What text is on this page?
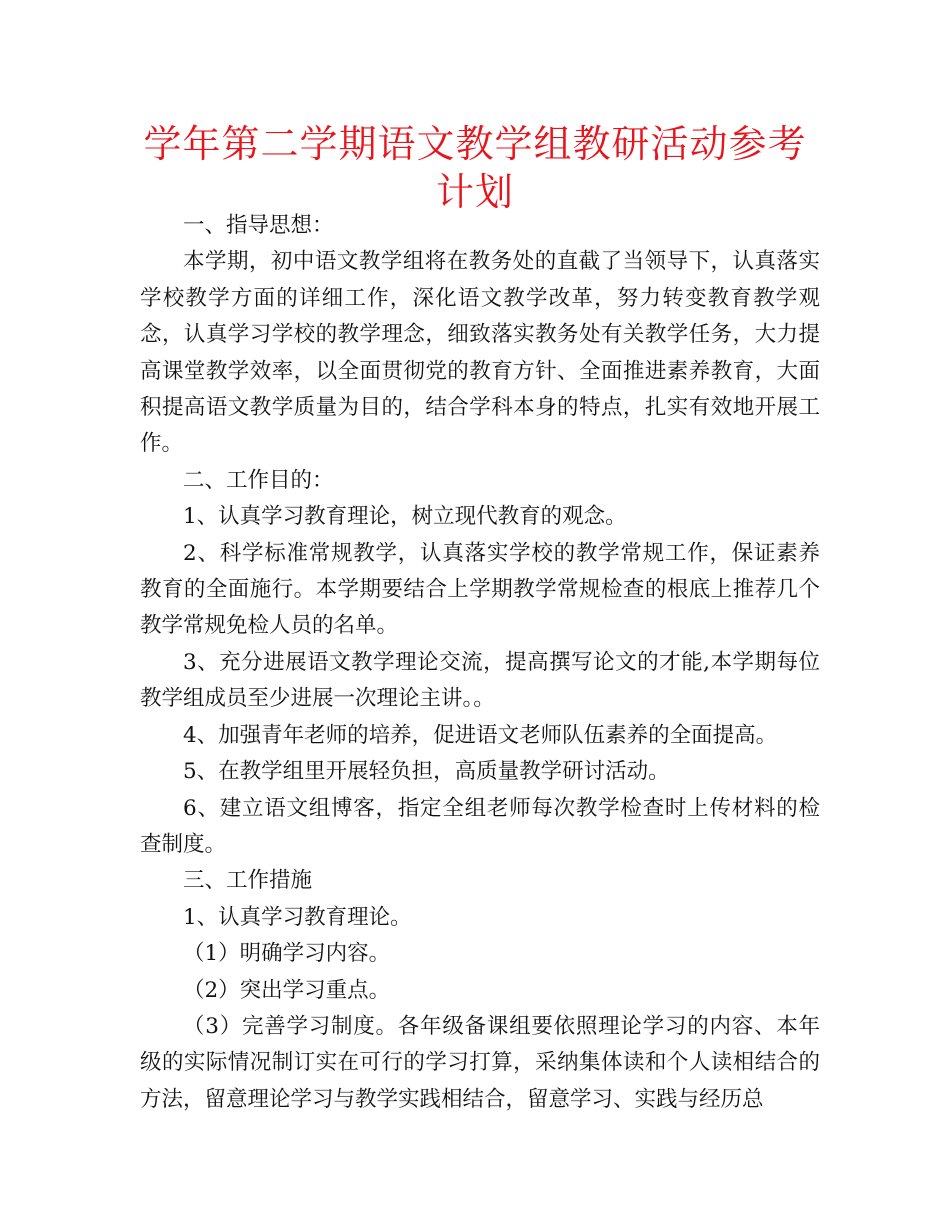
学年第二学期语文教学组教研活动参考计划

一、指导思想：

本学期，初中语文教学组将在教务处的直截了当领导下，认真落实学校教学方面的详细工作，深化语文教学改革，努力转变教育教学观念，认真学习学校的教学理念，细致落实教务处有关教学任务，大力提高课堂教学效率，以全面贯彻党的教育方针、全面推进素养教育，大面积提高语文教学质量为目的，结合学科本身的特点，扎实有效地开展工作。

二、工作目的：

1、认真学习教育理论，树立现代教育的观念。

2、科学标准常规教学，认真落实学校的教学常规工作，保证素养教育的全面施行。本学期要结合上学期教学常规检查的根底上推荐几个教学常规免检人员的名单。

3、充分进展语文教学理论交流，提高撰写论文的才能,本学期每位教学组成员至少进展一次理论主讲。。

4、加强青年老师的培养，促进语文老师队伍素养的全面提高。

5、在教学组里开展轻负担，高质量教学研讨活动。

6、建立语文组博客，指定全组老师每次教学检查时上传材料的检查制度。

三、工作措施

1、认真学习教育理论。

（1）明确学习内容。

（2）突出学习重点。

（3）完善学习制度。各年级备课组要依照理论学习的内容、本年级的实际情况制订实在可行的学习打算，采纳集体读和个人读相结合的方法，留意理论学习与教学实践相结合，留意学习、实践与经历总
